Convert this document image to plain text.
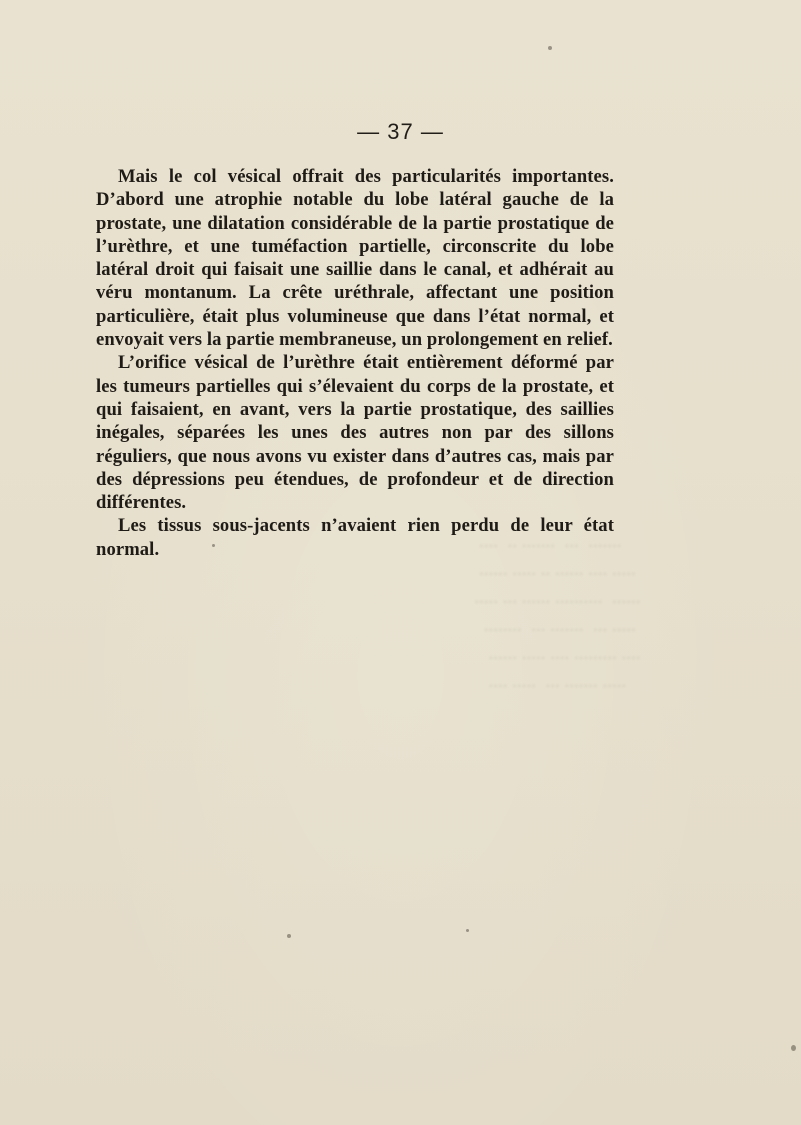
.......  ...  ....... ..  ....
..... .... ...... .. ..... ......
......  .......... ...... ... .....
..... ...  ....... ...  ........
.... ......... .... ..... ......
..... ....... ...  ..... ....

— 37 —

Mais le col vésical offrait des particularités importantes. D’abord une atrophie notable du lobe latéral gauche de la prostate, une dilatation considérable de la partie prostatique de l’urèthre, et une tuméfaction partielle, circonscrite du lobe latéral droit qui faisait une saillie dans le canal, et adhérait au véru montanum. La crête uréthrale, affectant une position particulière, était plus volumineuse que dans l’état normal, et envoyait vers la partie membraneuse, un prolongement en relief.

L’orifice vésical de l’urèthre était entièrement déformé par les tumeurs partielles qui s’élevaient du corps de la prostate, et qui faisaient, en avant, vers la partie prostatique, des saillies inégales, séparées les unes des autres non par des sillons réguliers, que nous avons vu exister dans d’autres cas, mais par des dépressions peu étendues, de profondeur et de direction différentes.

Les tissus sous-jacents n’avaient rien perdu de leur état normal.
